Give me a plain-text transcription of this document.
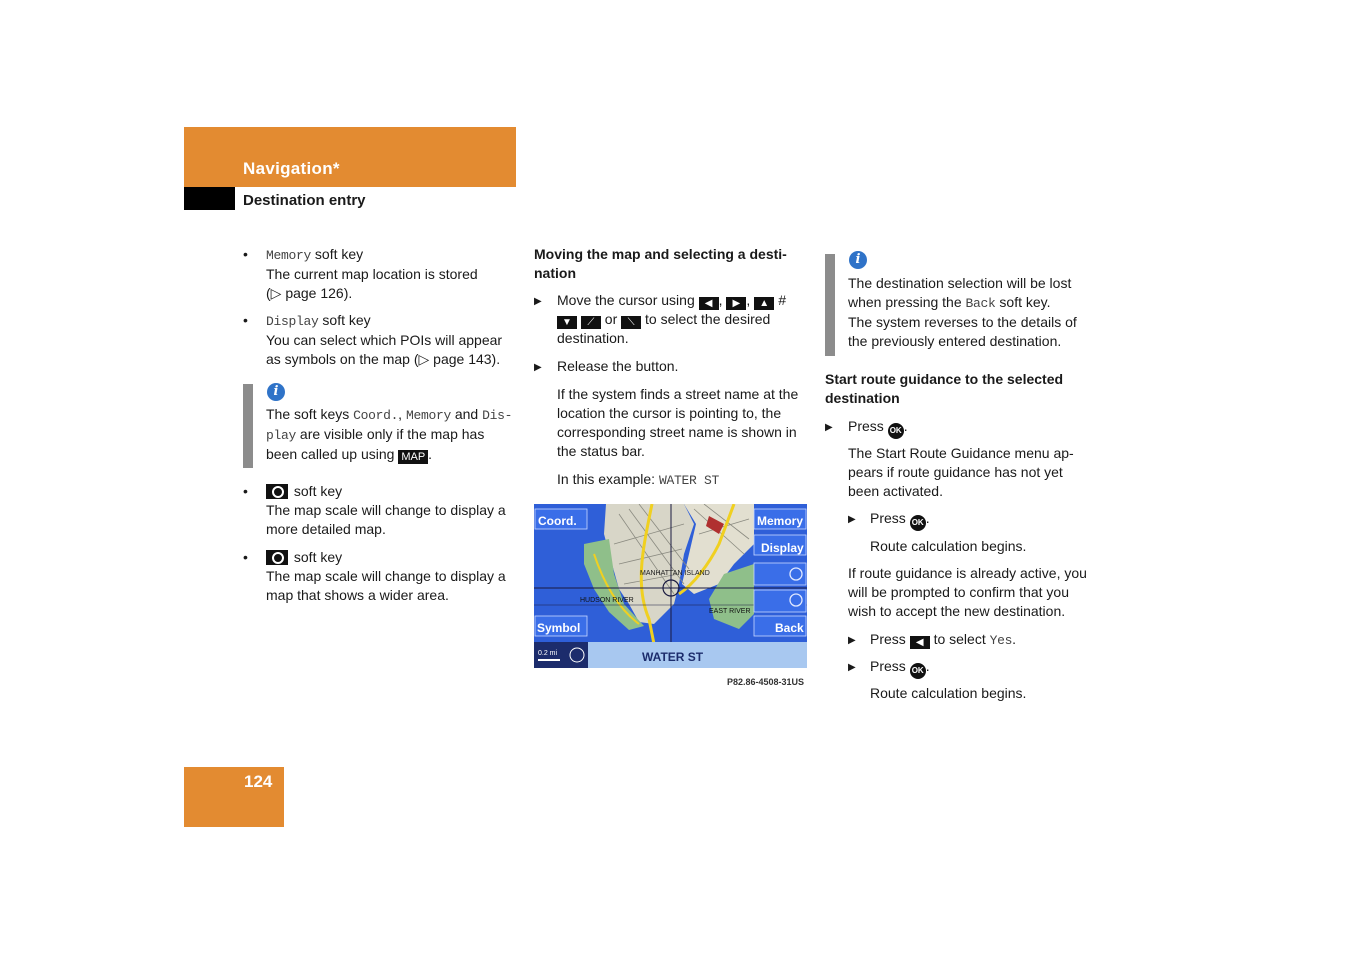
Navigation*
Destination entry
• Memory soft key
The current map location is stored
(▷ page 126).
• Display soft key
You can select which POIs will appear
as symbols on the map (▷ page 143).
i
The soft keys Coord., Memory and Dis-
play are visible only if the map has
been called up using MAP .
•	soft key
The map scale will change to display a
more detailed map.
•	soft key
The map scale will change to display a
map that shows a wider area.
Moving the map and selecting a desti-
nation
▶ Move the cursor using ◀ , ▶ , ▲ #
▼ ⟋ or ⟍ to select the desired
destination.
▶ Release the button.
If the system finds a street name at the
location the cursor is pointing to, the
corresponding street name is shown in
the status bar.
In this example: WATER ST
Coord.	Memory
Display
Symbol	Back
WATER ST
0.2 mi
MANHATTAN ISLAND
HUDSON RIVER
EAST RIVER
P82.86-4508-31US
i
The destination selection will be lost
when pressing the Back soft key.
The system reverses to the details of
the previously entered destination.
Start route guidance to the selected
destination
▶ Press OK .
The Start Route Guidance menu ap-
pears if route guidance has not yet
been activated.
▶ Press OK .
Route calculation begins.
If route guidance is already active, you
will be prompted to confirm that you
wish to accept the new destination.
▶ Press ◀ to select Yes.
▶ Press OK .
Route calculation begins.
124
